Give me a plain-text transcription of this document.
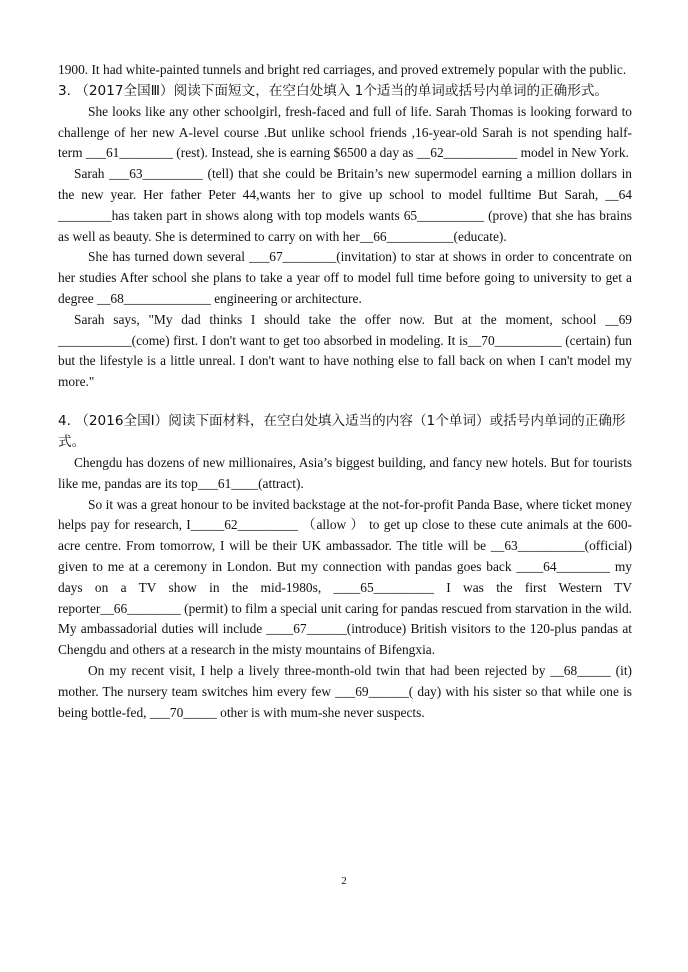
1900. It had white-painted tunnels and bright red carriages, and proved extremely popular with the public.

3. （2017全国Ⅲ）阅读下面短文，在空白处填入 1个适当的单词或括号内单词的正确形式。

She looks like any other schoolgirl, fresh-faced and full of life. Sarah Thomas is looking forward to challenge of her new A-level course .But unlike school friends ,16-year-old Sarah is not spending half-term ___61________ (rest). Instead, she is earning $6500 a day as __62___________ model in New York.

Sarah ___63_________ (tell) that she could be Britain’s new supermodel earning a million dollars in the new year. Her father Peter 44,wants her to give up school to model fulltime But Sarah, __64 ________has taken part in shows along with top models wants 65__________ (prove) that she has brains as well as beauty. She is determined to carry on with her__66__________(educate).

She has turned down several ___67________(invitation) to star at shows in order to concentrate on her studies After school she plans to take a year off to model full time before going to university to get a degree __68_____________ engineering or architecture.

Sarah says, "My dad thinks I should take the offer now. But at the moment, school __69 ___________(come) first. I don't want to get too absorbed in modeling. It is__70__________ (certain) fun but the lifestyle is a little unreal. I don't want to have nothing else to fall back on when I can't model my more."

4. （2016全国Ⅰ）阅读下面材料，在空白处填入适当的内容（1个单词）或括号内单词的正确形式。

Chengdu has dozens of new millionaires, Asia’s biggest building, and fancy new hotels. But for tourists like me, pandas are its top___61____(attract).

So it was a great honour to be invited backstage at the not-for-profit Panda Base, where ticket money helps pay for research, I_____62_________ （allow ） to get up close to these cute animals at the 600-acre centre. From tomorrow, I will be their UK ambassador. The title will be __63__________(official) given to me at a ceremony in London. But my connection with pandas goes back ____64________ my days on a TV show in the mid-1980s, ____65_________ I was the first Western TV reporter__66________ (permit) to film a special unit caring for pandas rescued from starvation in the wild. My ambassadorial duties will include ____67______(introduce) British visitors to the 120-plus pandas at Chengdu and others at a research in the misty mountains of Bifengxia.

On my recent visit, I help a lively three-month-old twin that had been rejected by __68_____ (it) mother. The nursery team switches him every few ___69______( day) with his sister so that while one is being bottle-fed, ___70_____ other is with mum-she never suspects.

2
